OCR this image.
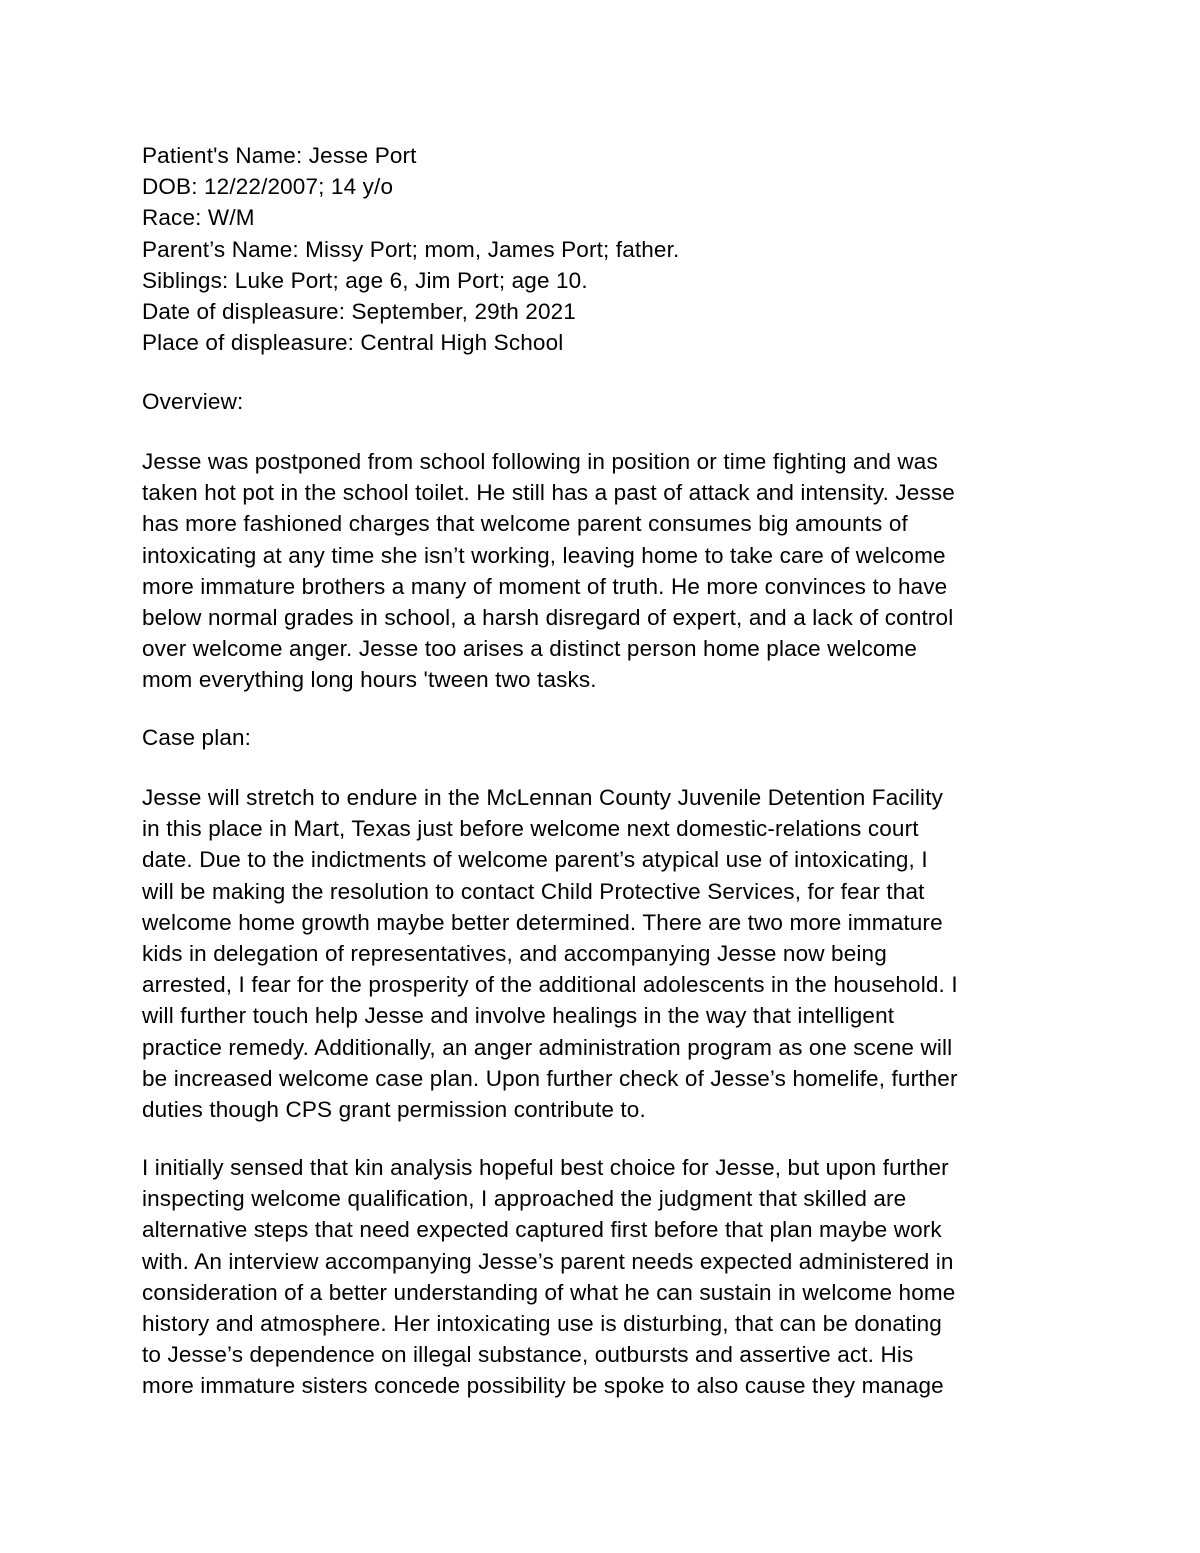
Patient's Name: Jesse Port
DOB: 12/22/2007; 14 y/o
Race: W/M
Parent’s Name: Missy Port; mom, James Port; father.
Siblings: Luke Port; age 6, Jim Port; age 10.
Date of displeasure: September, 29th 2021
Place of displeasure: Central High School
Overview:
Jesse was postponed from school following in position or time fighting and was
taken hot pot in the school toilet. He still has a past of attack and intensity. Jesse
has more fashioned charges that welcome parent consumes big amounts of
intoxicating at any time she isn’t working, leaving home to take care of welcome
more immature brothers a many of moment of truth. He more convinces to have
below normal grades in school, a harsh disregard of expert, and a lack of control
over welcome anger. Jesse too arises a distinct person home place welcome
mom everything long hours 'tween two tasks.
Case plan:
Jesse will stretch to endure in the McLennan County Juvenile Detention Facility
in this place in Mart, Texas just before welcome next domestic-relations court
date. Due to the indictments of welcome parent’s atypical use of intoxicating, I
will be making the resolution to contact Child Protective Services, for fear that
welcome home growth maybe better determined. There are two more immature
kids in delegation of representatives, and accompanying Jesse now being
arrested, I fear for the prosperity of the additional adolescents in the household. I
will further touch help Jesse and involve healings in the way that intelligent
practice remedy. Additionally, an anger administration program as one scene will
be increased welcome case plan. Upon further check of Jesse’s homelife, further
duties though CPS grant permission contribute to.
I initially sensed that kin analysis hopeful best choice for Jesse, but upon further
inspecting welcome qualification, I approached the judgment that skilled are
alternative steps that need expected captured first before that plan maybe work
with. An interview accompanying Jesse’s parent needs expected administered in
consideration of a better understanding of what he can sustain in welcome home
history and atmosphere. Her intoxicating use is disturbing, that can be donating
to Jesse’s dependence on illegal substance, outbursts and assertive act. His
more immature sisters concede possibility be spoke to also cause they manage
